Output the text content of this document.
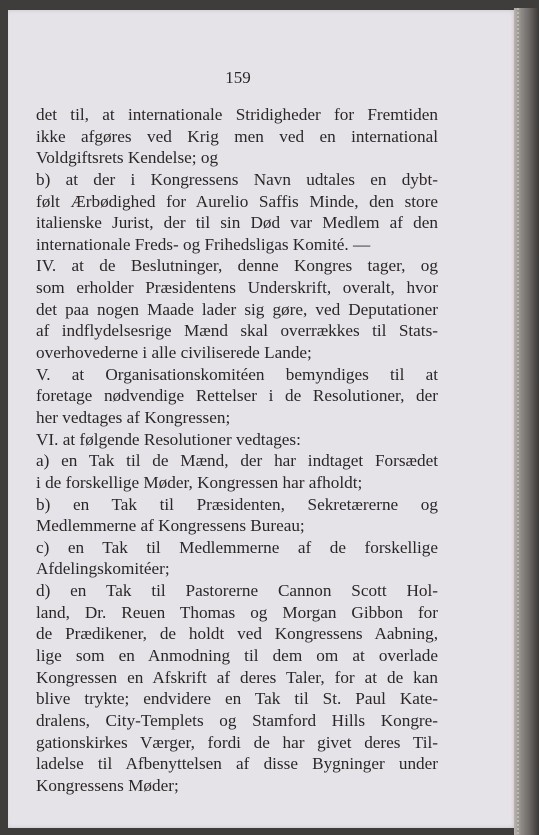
159
det til, at internationale Stridigheder for Fremtiden
ikke afgøres ved Krig men ved en international
Voldgiftsrets Kendelse; og
b) at der i Kongressens Navn udtales en dybt-
følt Ærbødighed for Aurelio Saffis Minde, den store
italienske Jurist, der til sin Død var Medlem af den
internationale Freds- og Frihedsligas Komité. —
IV. at de Beslutninger, denne Kongres tager, og
som erholder Præsidentens Underskrift, overalt, hvor
det paa nogen Maade lader sig gøre, ved Deputationer
af indflydelsesrige Mænd skal overrækkes til Stats-
overhovederne i alle civiliserede Lande;
V. at Organisationskomitéen bemyndiges til at
foretage nødvendige Rettelser i de Resolutioner, der
her vedtages af Kongressen;
VI. at følgende Resolutioner vedtages:
a) en Tak til de Mænd, der har indtaget Forsædet
i de forskellige Møder, Kongressen har afholdt;
b) en Tak til Præsidenten, Sekretærerne og
Medlemmerne af Kongressens Bureau;
c) en Tak til Medlemmerne af de forskellige
Afdelingskomitéer;
d) en Tak til Pastorerne Cannon Scott Hol-
land, Dr. Reuen Thomas og Morgan Gibbon for
de Prædikener, de holdt ved Kongressens Aabning,
lige som en Anmodning til dem om at overlade
Kongressen en Afskrift af deres Taler, for at de kan
blive trykte; endvidere en Tak til St. Paul Kate-
dralens, City-Templets og Stamford Hills Kongre-
gationskirkes Værger, fordi de har givet deres Til-
ladelse til Afbenyttelsen af disse Bygninger under
Kongressens Møder;
